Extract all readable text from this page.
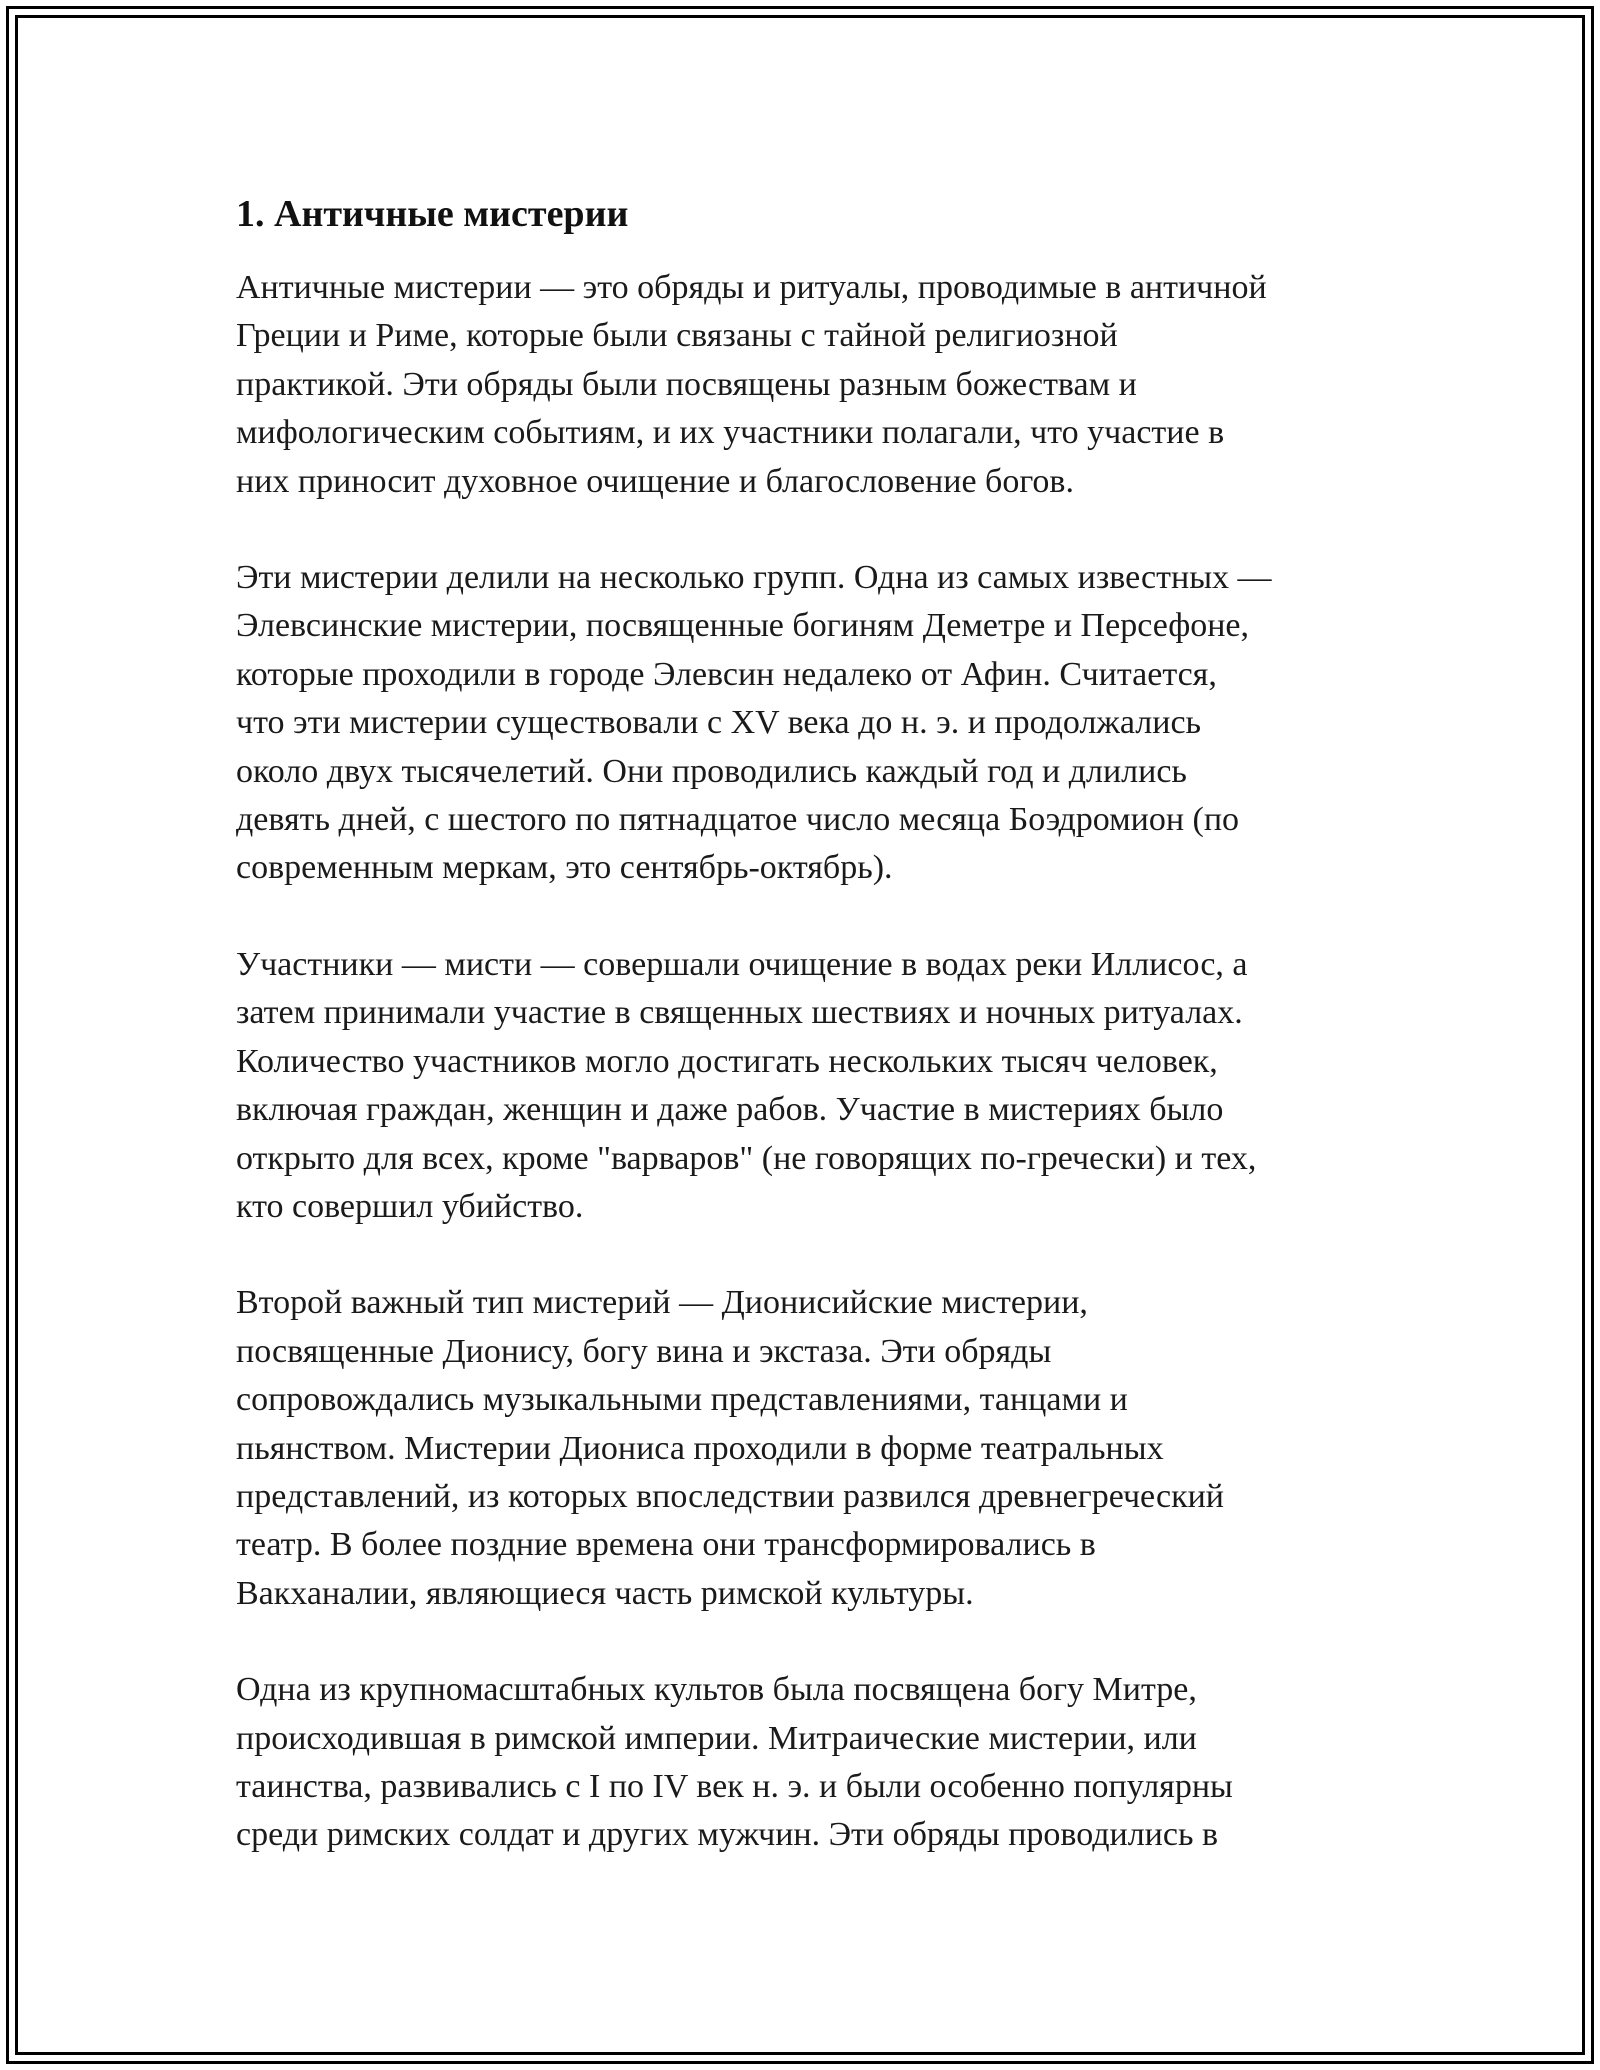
1. Античные мистерии

Античные мистерии — это обряды и ритуалы, проводимые в античной
Греции и Риме, которые были связаны с тайной религиозной
практикой. Эти обряды были посвящены разным божествам и
мифологическим событиям, и их участники полагали, что участие в
них приносит духовное очищение и благословение богов.

Эти мистерии делили на несколько групп. Одна из самых известных —
Элевсинские мистерии, посвященные богиням Деметре и Персефоне,
которые проходили в городе Элевсин недалеко от Афин. Считается,
что эти мистерии существовали с XV века до н. э. и продолжались
около двух тысячелетий. Они проводились каждый год и длились
девять дней, с шестого по пятнадцатое число месяца Боэдромион (по
современным меркам, это сентябрь-октябрь).

Участники — мисти — совершали очищение в водах реки Иллисос, а
затем принимали участие в священных шествиях и ночных ритуалах.
Количество участников могло достигать нескольких тысяч человек,
включая граждан, женщин и даже рабов. Участие в мистериях было
открыто для всех, кроме "варваров" (не говорящих по-гречески) и тех,
кто совершил убийство.

Второй важный тип мистерий — Дионисийские мистерии,
посвященные Дионису, богу вина и экстаза. Эти обряды
сопровождались музыкальными представлениями, танцами и
пьянством. Мистерии Диониса проходили в форме театральных
представлений, из которых впоследствии развился древнегреческий
театр. В более поздние времена они трансформировались в
Вакханалии, являющиеся часть римской культуры.

Одна из крупномасштабных культов была посвящена богу Митре,
происходившая в римской империи. Митраические мистерии, или
таинства, развивались с I по IV век н. э. и были особенно популярны
среди римских солдат и других мужчин. Эти обряды проводились в
